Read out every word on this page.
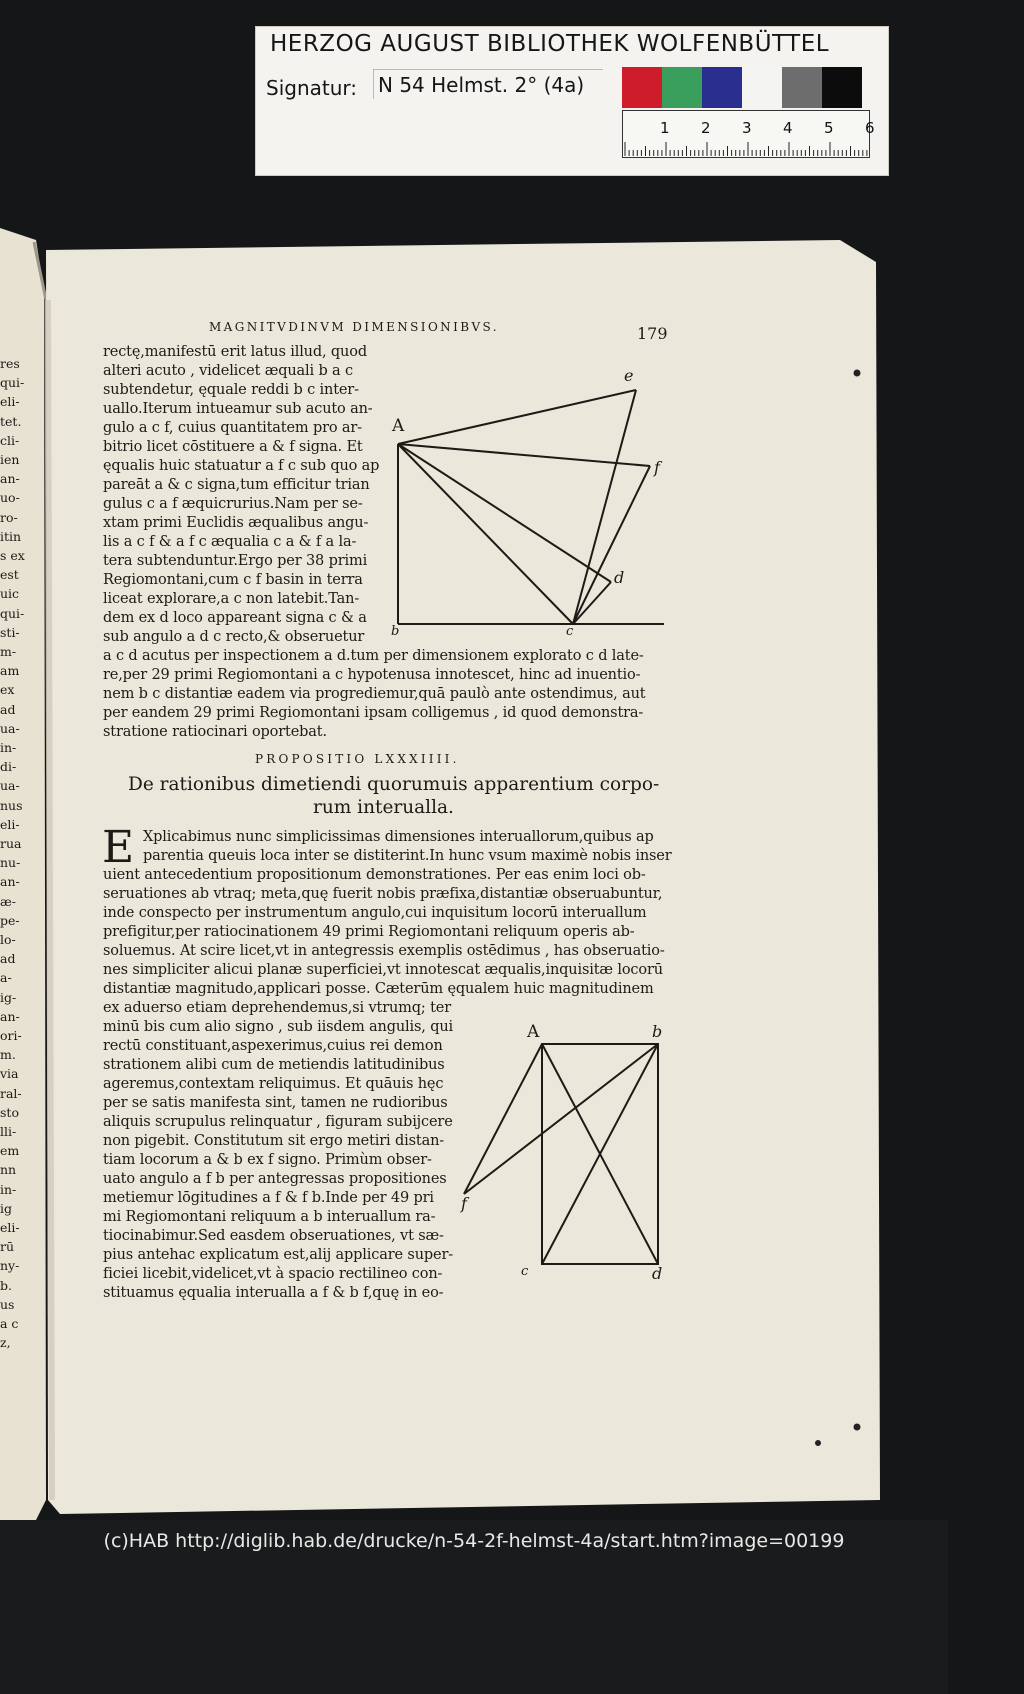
HERZOG AUGUST BIBLIOTHEK WOLFENBÜTTEL
Signatur: N 54 Helmst. 2° (4a)
1 2 3 4 5 6
res
qui-
eli-
tet.
cli-
ien
an-
uo-
ro-
itin
s ex
est
uic
qui-
sti-
m-
am
ex
ad
ua-
in-
di-
ua-
nus
eli-
rua
nu-
an-
æ-
pe-
lo-
ad
a-
ig-
an-
ori-
m.
via
ral-
sto
lli-
em
nn
in-
ig
eli-
rū
ny-
b.
us
a c
z,
MAGNITVDINVM DIMENSIONIBVS.	179
rectę,manifestū erit latus illud, quod
alteri acuto , videlicet æquali b a c
subtendetur, ęquale reddi b c inter-
uallo.Iterum intueamur sub acuto an-
gulo a c f, cuius quantitatem pro ar-
bitrio licet cōstituere a & f signa. Et
ęqualis huic statuatur a f c sub quo ap
pareāt a & c signa,tum efficitur trian
gulus c a f æquicrurius.Nam per se-
xtam primi Euclidis æqualibus angu-
lis a c f & a f c æqualia c a & f a la-
tera subtenduntur.Ergo per 38 primi
Regiomontani,cum c f basin in terra
liceat explorare,a c non latebit.Tan-
dem ex d loco appareant signa c & a
sub angulo a d c recto,& obseruetur
a c d acutus per inspectionem a d.tum per dimensionem explorato c d late-
re,per 29 primi Regiomontani a c hypotenusa innotescet, hinc ad inuentio-
nem b c distantiæ eadem via progrediemur,quā paulò ante ostendimus, aut
per eandem 29 primi Regiomontani ipsam colligemus , id quod demonstra-
stratione ratiocinari oportebat.
PROPOSITIO LXXXIIII.
De rationibus dimetiendi quorumuis apparentium corpo-
rum interualla.
E Xplicabimus nunc simplicissimas dimensiones interuallorum,quibus ap
parentia queuis loca inter se distiterint.In hunc vsum maximè nobis inser
uient antecedentium propositionum demonstrationes. Per eas enim loci ob-
seruationes ab vtraq; meta,quę fuerit nobis præfixa,distantiæ obseruabuntur,
inde conspecto per instrumentum angulo,cui inquisitum locorū interuallum
prefigitur,per ratiocinationem 49 primi Regiomontani reliquum operis ab-
soluemus. At scire licet,vt in antegressis exemplis ostēdimus , has obseruatio-
nes simpliciter alicui planæ superficiei,vt innotescat æqualis,inquisitæ locorū
distantiæ magnitudo,applicari posse. Cæterūm ęqualem huic magnitudinem
ex aduerso etiam deprehendemus,si vtrumq; ter
minū bis cum alio signo , sub iisdem angulis, qui
rectū constituant,aspexerimus,cuius rei demon
strationem alibi cum de metiendis latitudinibus
ageremus,contextam reliquimus. Et quāuis hęc
per se satis manifesta sint, tamen ne rudioribus
aliquis scrupulus relinquatur , figuram subijcere
non pigebit. Constitutum sit ergo metiri distan-
tiam locorum a & b ex f signo. Primùm obser-
uato angulo a f b per antegressas propositiones
metiemur lōgitudines a f & f b.Inde per 49 pri
mi Regiomontani reliquum a b interuallum ra-
tiocinabimur.Sed easdem obseruationes, vt sæ-
pius antehac explicatum est,alij applicare super-
ficiei licebit,videlicet,vt à spacio rectilineo con-
stituamus ęqualia interualla a f & b f,quę in eo-
A
e
f
d
b	c
A	b
f
c	d
(c)HAB http://diglib.hab.de/drucke/n-54-2f-helmst-4a/start.htm?image=00199
